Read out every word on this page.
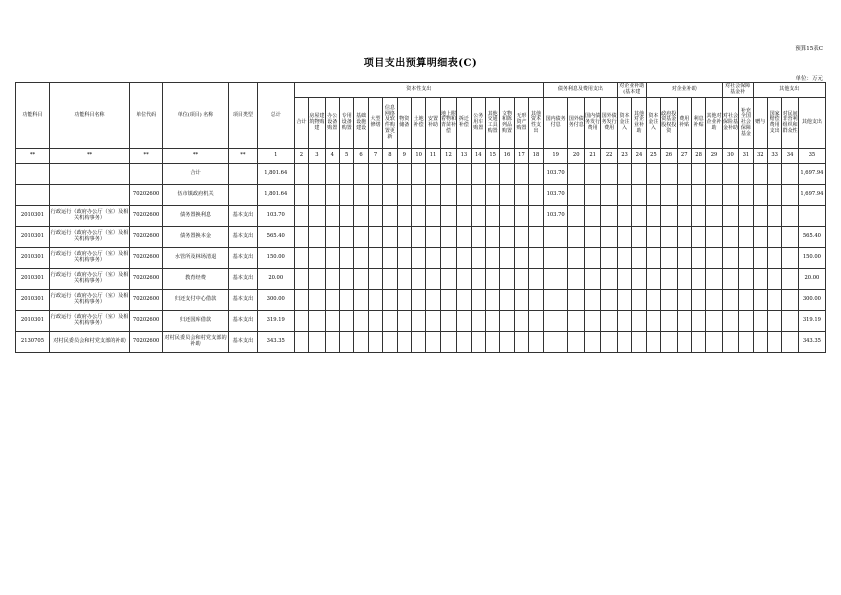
预算15表C
项目支出预算明细表(C)
单位：万元
功能科目	功能科目名称	单位代码	单位(项目) 名称	项目类型	总计	资本性支出																	债务利息及费用支出				对企业补助(基本建		对企业补助					对社会保障基金补		其他支出			
						合计	房屋建筑物购建	办公设备购置	专用设备购置	基础设施建设	大型修缮	信息网络及软件购置更新	物资储备	土地补偿	安置补助	地上附着物和青苗补偿	拆迁补偿	公务用车购置	其他交通工具购置	文物和陈列品购置	无形资产购置	其他资本性支出	国内债务付息	国外债务付息	国内债务发行费用	国外债务发行费用	资本金注入	其他对企业补助	资本金注入	政府投资基金股权投资	费用补贴	利息补贴	其他对企业补助	对社会保险基金补助	补充全国社会保障基金	赠与	国家赔偿费用支出	对民间非营利组织和群众性	其他支出
**	**	**	**	**	1	2	3	4	5	6	7	8	9	10	11	12	13	14	15	16	17	18	19	20	21	22	23	24	25	26	27	28	29	30	31	32	33	34	35
			合计		1,801.64																		103.70																1,697.94
		70202600	伍市镇政府机关		1,801.64																		103.70																1,697.94
2010301	行政运行（政府办公厅（室）及相关机构事务）	70202600	债务置换利息	基本支出	103.70																		103.70																
2010301	行政运行（政府办公厅（室）及相关机构事务）	70202600	债务置换本金	基本支出	565.40																																		565.40
2010301	行政运行（政府办公厅（室）及相关机构事务）	70202600	水管所及林场清退	基本支出	150.00																																		150.00
2010301	行政运行（政府办公厅（室）及相关机构事务）	70202600	教育经费	基本支出	20.00																																		20.00
2010301	行政运行（政府办公厅（室）及相关机构事务）	70202600	归还支付中心借款	基本支出	300.00																																		300.00
2010301	行政运行（政府办公厅（室）及相关机构事务）	70202600	归还国库借款	基本支出	319.19																																		319.19
2130705	对村民委员会和村党支部的补助	70202600	对村民委员会和村党支部的补助	基本支出	343.35																																		343.35
